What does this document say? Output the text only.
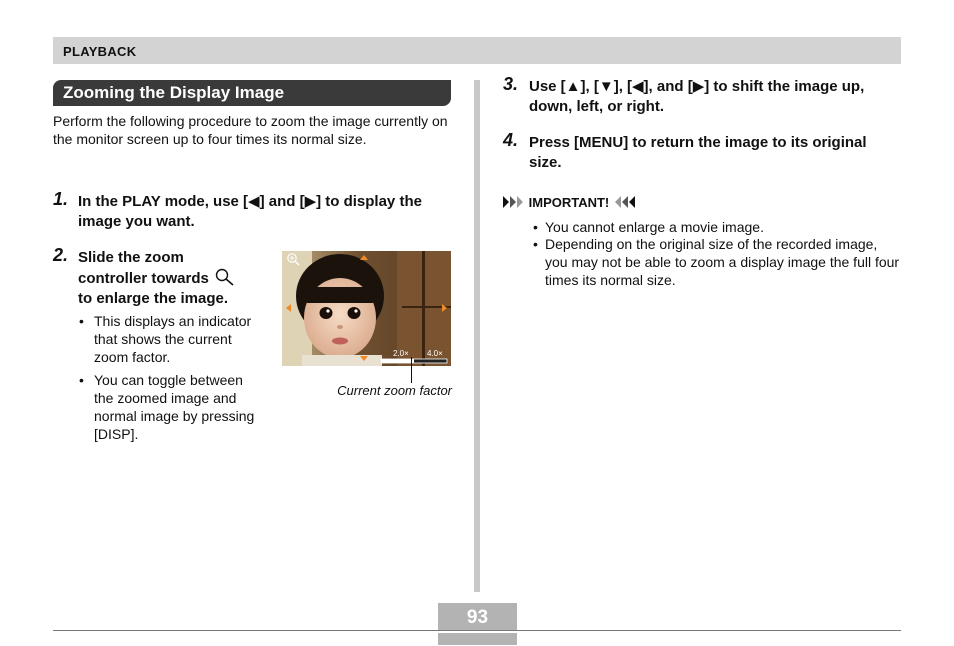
PLAYBACK
Zooming the Display Image
Perform the following procedure to zoom the image currently on the monitor screen up to four times its normal size.
1. In the PLAY mode, use [◀] and [▶] to display the image you want.
2. Slide the zoom
controller towards
to enlarge the image.
• This displays an indicator that shows the current zoom factor.
• You can toggle between the zoomed image and normal image by pressing [DISP].
2.0× 4.0×
Current zoom factor
3. Use [▲], [▼], [◀], and [▶] to shift the image up, down, left, or right.
4. Press [MENU] to return the image to its original size.
IMPORTANT!
• You cannot enlarge a movie image.
• Depending on the original size of the recorded image, you may not be able to zoom a display image the full four times its normal size.
93
